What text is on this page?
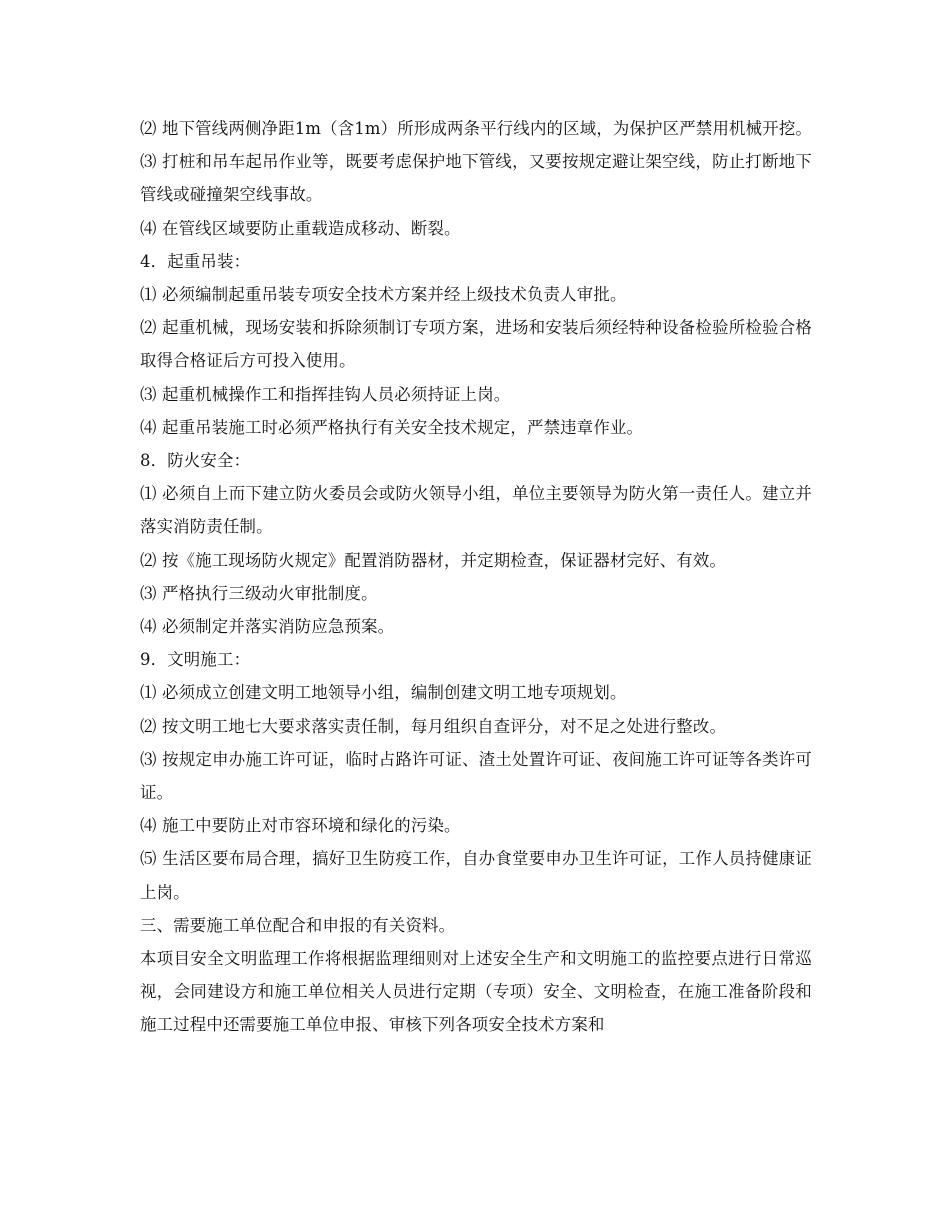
⑵ 地下管线两侧净距1m（含1m）所形成两条平行线内的区域，为保护区严禁用机械开挖。

⑶ 打桩和吊车起吊作业等，既要考虑保护地下管线，又要按规定避让架空线，防止打断地下管线或碰撞架空线事故。

⑷ 在管线区域要防止重载造成移动、断裂。

4．起重吊装：

⑴ 必须编制起重吊装专项安全技术方案并经上级技术负责人审批。

⑵ 起重机械，现场安装和拆除须制订专项方案，进场和安装后须经特种设备检验所检验合格取得合格证后方可投入使用。

⑶ 起重机械操作工和指挥挂钩人员必须持证上岗。

⑷ 起重吊装施工时必须严格执行有关安全技术规定，严禁违章作业。

8．防火安全：

⑴ 必须自上而下建立防火委员会或防火领导小组，单位主要领导为防火第一责任人。建立并落实消防责任制。

⑵ 按《施工现场防火规定》配置消防器材，并定期检查，保证器材完好、有效。

⑶ 严格执行三级动火审批制度。

⑷ 必须制定并落实消防应急预案。

9．文明施工：

⑴ 必须成立创建文明工地领导小组，编制创建文明工地专项规划。

⑵ 按文明工地七大要求落实责任制，每月组织自查评分，对不足之处进行整改。

⑶ 按规定申办施工许可证，临时占路许可证、渣土处置许可证、夜间施工许可证等各类许可证。

⑷ 施工中要防止对市容环境和绿化的污染。

⑸ 生活区要布局合理，搞好卫生防疫工作，自办食堂要申办卫生许可证，工作人员持健康证上岗。

三、需要施工单位配合和申报的有关资料。

本项目安全文明监理工作将根据监理细则对上述安全生产和文明施工的监控要点进行日常巡视，会同建设方和施工单位相关人员进行定期（专项）安全、文明检查，在施工准备阶段和施工过程中还需要施工单位申报、审核下列各项安全技术方案和
